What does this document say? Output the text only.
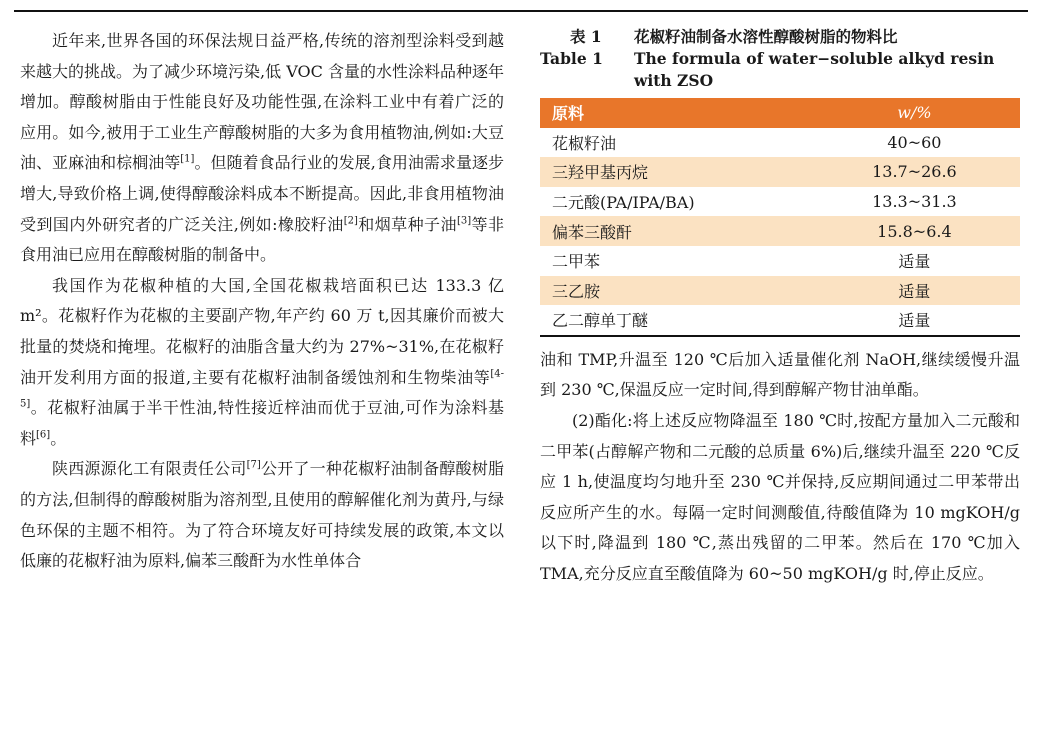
近年来,世界各国的环保法规日益严格,传统的溶剂型涂料受到越来越大的挑战。为了减少环境污染,低 VOC 含量的水性涂料品种逐年增加。醇酸树脂由于性能良好及功能性强,在涂料工业中有着广泛的应用。如今,被用于工业生产醇酸树脂的大多为食用植物油,例如:大豆油、亚麻油和棕榈油等[1]。但随着食品行业的发展,食用油需求量逐步增大,导致价格上调,使得醇酸涂料成本不断提高。因此,非食用植物油受到国内外研究者的广泛关注,例如:橡胶籽油[2]和烟草种子油[3]等非食用油已应用在醇酸树脂的制备中。

我国作为花椒种植的大国,全国花椒栽培面积已达 133.3 亿 m²。花椒籽作为花椒的主要副产物,年产约 60 万 t,因其廉价而被大批量的焚烧和掩埋。花椒籽的油脂含量大约为 27%~31%,在花椒籽油开发利用方面的报道,主要有花椒籽油制备缓蚀剂和生物柴油等[4-5]。花椒籽油属于半干性油,特性接近梓油而优于豆油,可作为涂料基料[6]。

陕西源源化工有限责任公司[7]公开了一种花椒籽油制备醇酸树脂的方法,但制得的醇酸树脂为溶剂型,且使用的醇解催化剂为黄丹,与绿色环保的主题不相符。为了符合环境友好可持续发展的政策,本文以低廉的花椒籽油为原料,偏苯三酸酐为水性单体合

表 1	花椒籽油制备水溶性醇酸树脂的物料比
Table 1	The formula of water−soluble alkyd resin with ZSO
原料	w/%
花椒籽油	40~60
三羟甲基丙烷	13.7~26.6
二元酸(PA/IPA/BA)	13.3~31.3
偏苯三酸酐	15.8~6.4
二甲苯	适量
三乙胺	适量
乙二醇单丁醚	适量

油和 TMP,升温至 120 ℃后加入适量催化剂 NaOH,继续缓慢升温到 230 ℃,保温反应一定时间,得到醇解产物甘油单酯。

(2)酯化:将上述反应物降温至 180 ℃时,按配方量加入二元酸和二甲苯(占醇解产物和二元酸的总质量 6%)后,继续升温至 220 ℃反应 1 h,使温度均匀地升至 230 ℃并保持,反应期间通过二甲苯带出反应所产生的水。每隔一定时间测酸值,待酸值降为 10 mgKOH/g 以下时,降温到 180 ℃,蒸出残留的二甲苯。然后在 170 ℃加入 TMA,充分反应直至酸值降为 60~50 mgKOH/g 时,停止反应。
